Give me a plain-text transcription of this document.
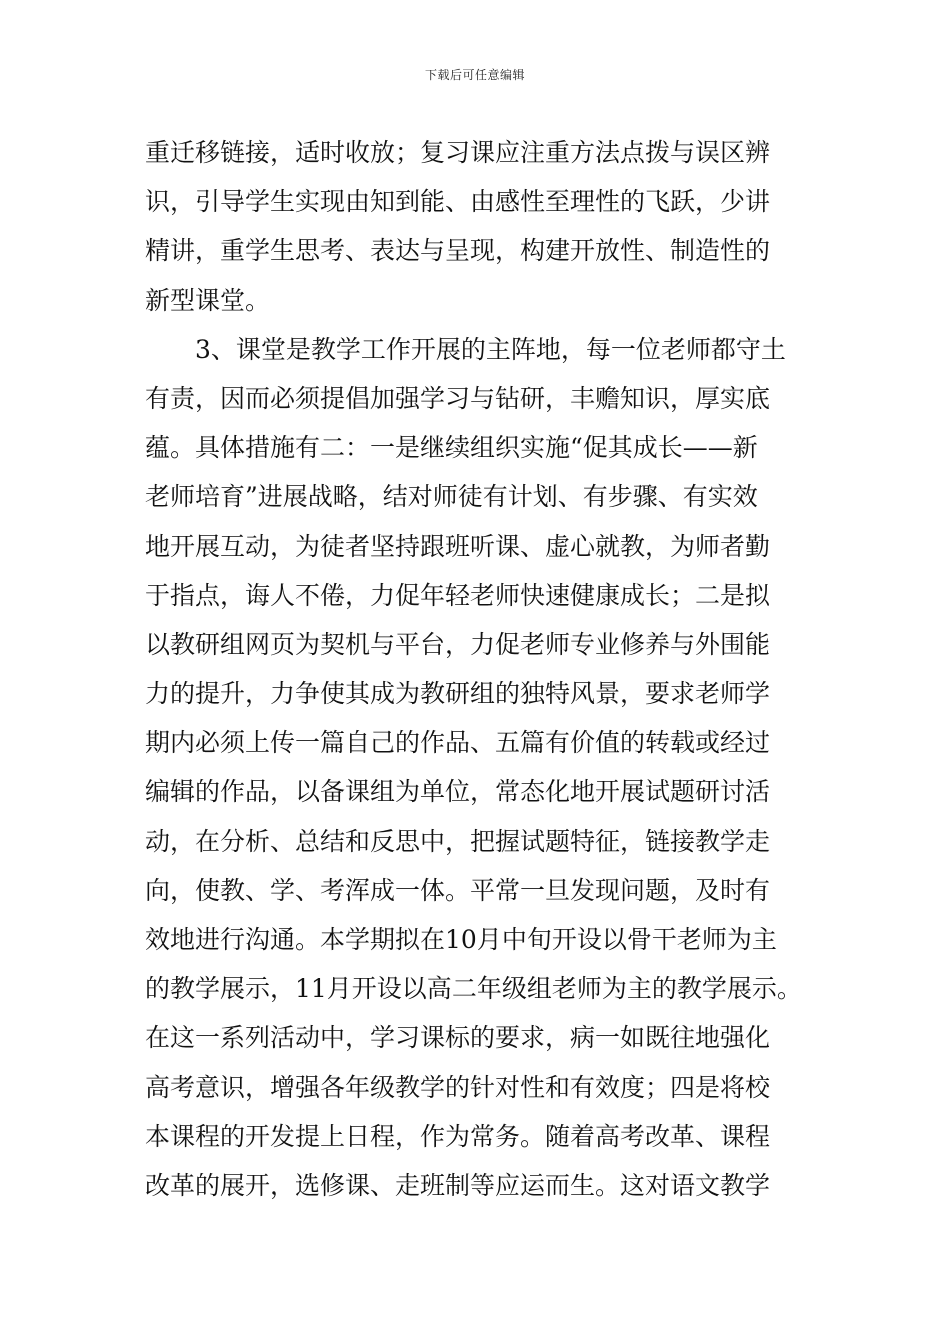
下载后可任意编辑
重迁移链接，适时收放；复习课应注重方法点拨与误区辨
识，引导学生实现由知到能、由感性至理性的飞跃，少讲
精讲，重学生思考、表达与呈现，构建开放性、制造性的
新型课堂。
　　3、课堂是教学工作开展的主阵地，每一位老师都守土
有责，因而必须提倡加强学习与钻研，丰赡知识，厚实底
蕴。具体措施有二：一是继续组织实施“促其成长——新
老师培育”进展战略，结对师徒有计划、有步骤、有实效
地开展互动，为徒者坚持跟班听课、虚心就教，为师者勤
于指点，诲人不倦，力促年轻老师快速健康成长；二是拟
以教研组网页为契机与平台，力促老师专业修养与外围能
力的提升，力争使其成为教研组的独特风景，要求老师学
期内必须上传一篇自己的作品、五篇有价值的转载或经过
编辑的作品，以备课组为单位，常态化地开展试题研讨活
动，在分析、总结和反思中，把握试题特征，链接教学走
向，使教、学、考浑成一体。平常一旦发现问题，及时有
效地进行沟通。本学期拟在10月中旬开设以骨干老师为主
的教学展示，11月开设以高二年级组老师为主的教学展示。
在这一系列活动中，学习课标的要求，病一如既往地强化
高考意识，增强各年级教学的针对性和有效度；四是将校
本课程的开发提上日程，作为常务。随着高考改革、课程
改革的展开，选修课、走班制等应运而生。这对语文教学
